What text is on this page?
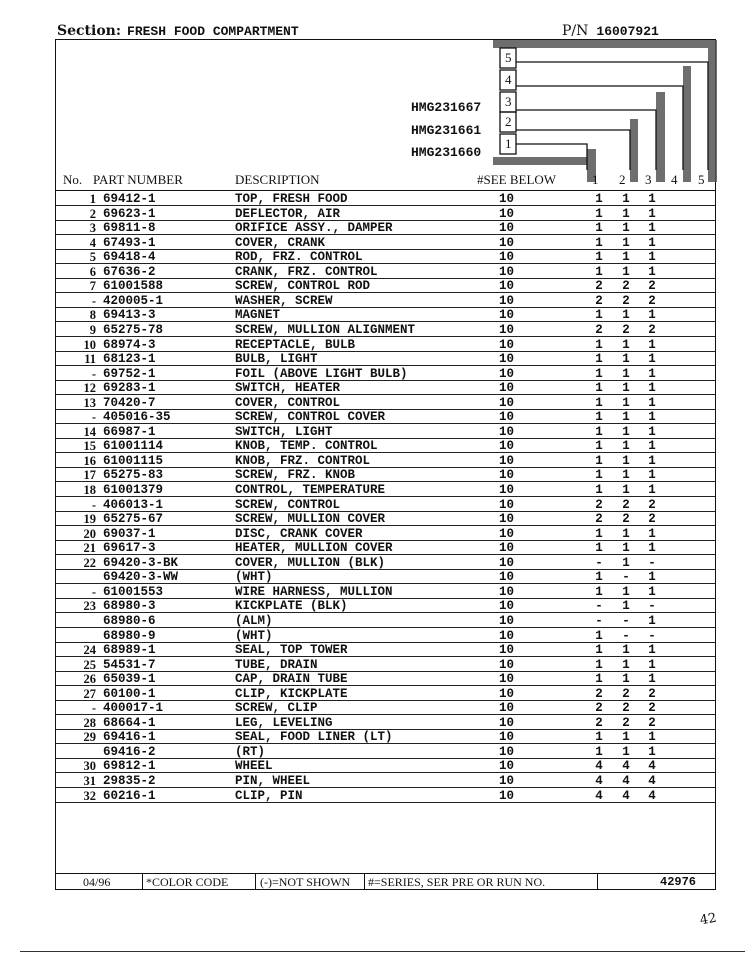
Section: FRESH FOOD COMPARTMENT	P/N 16007921
5
4
3
2
1
HMG231667
HMG231661
HMG231660
No. PART NUMBER	DESCRIPTION	#SEE BELOW	1 2 3 4 5
1 69412-1	TOP, FRESH FOOD	10	1 1 1
2 69623-1	DEFLECTOR, AIR	10	1 1 1
3 69811-8	ORIFICE ASSY., DAMPER	10	1 1 1
4 67493-1	COVER, CRANK	10	1 1 1
5 69418-4	ROD, FRZ. CONTROL	10	1 1 1
6 67636-2	CRANK, FRZ. CONTROL	10	1 1 1
7 61001588	SCREW, CONTROL ROD	10	2 2 2
- 420005-1	WASHER, SCREW	10	2 2 2
8 69413-3	MAGNET	10	1 1 1
9 65275-78	SCREW, MULLION ALIGNMENT	10	2 2 2
10 68974-3	RECEPTACLE, BULB	10	1 1 1
11 68123-1	BULB, LIGHT	10	1 1 1
- 69752-1	FOIL (ABOVE LIGHT BULB)	10	1 1 1
12 69283-1	SWITCH, HEATER	10	1 1 1
13 70420-7	COVER, CONTROL	10	1 1 1
- 405016-35	SCREW, CONTROL COVER	10	1 1 1
14 66987-1	SWITCH, LIGHT	10	1 1 1
15 61001114	KNOB, TEMP. CONTROL	10	1 1 1
16 61001115	KNOB, FRZ. CONTROL	10	1 1 1
17 65275-83	SCREW, FRZ. KNOB	10	1 1 1
18 61001379	CONTROL, TEMPERATURE	10	1 1 1
- 406013-1	SCREW, CONTROL	10	2 2 2
19 65275-67	SCREW, MULLION COVER	10	2 2 2
20 69037-1	DISC, CRANK COVER	10	1 1 1
21 69617-3	HEATER, MULLION COVER	10	1 1 1
22 69420-3-BK	COVER, MULLION (BLK)	10	- 1 -
69420-3-WW	(WHT)	10	1 - 1
- 61001553	WIRE HARNESS, MULLION	10	1 1 1
23 68980-3	KICKPLATE (BLK)	10	- 1 -
68980-6	(ALM)	10	- - 1
68980-9	(WHT)	10	1 - -
24 68989-1	SEAL, TOP TOWER	10	1 1 1
25 54531-7	TUBE, DRAIN	10	1 1 1
26 65039-1	CAP, DRAIN TUBE	10	1 1 1
27 60100-1	CLIP, KICKPLATE	10	2 2 2
- 400017-1	SCREW, CLIP	10	2 2 2
28 68664-1	LEG, LEVELING	10	2 2 2
29 69416-1	SEAL, FOOD LINER (LT)	10	1 1 1
69416-2	(RT)	10	1 1 1
30 69812-1	WHEEL	10	4 4 4
31 29835-2	PIN, WHEEL	10	4 4 4
32 60216-1	CLIP, PIN	10	4 4 4
04/96	*COLOR CODE	(-)=NOT SHOWN #=SERIES, SER PRE OR RUN NO.	42976
42
